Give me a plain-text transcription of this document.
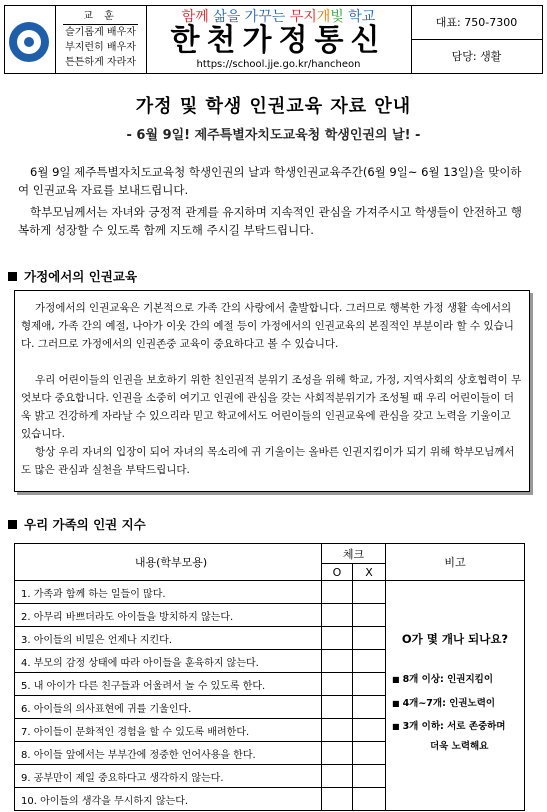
교 훈
슬기롭게 배우자
부지런히 배우자
튼튼하게 자라자
함께 삶을 가꾸는 무지개빛 학교
한천가정통신
https://school.jje.go.kr/hancheon
대표: 750-7300
담당: 생활
가정 및 학생 인권교육 자료 안내
- 6월 9일! 제주특별자치도교육청 학생인권의 날! -
6월 9일 제주특별자치도교육청 학생인권의 날과 학생인권교육주간(6월 9일~ 6월 13일)을 맞이하여 인권교육 자료를 보내드립니다.
학부모님께서는 자녀와 긍정적 관계를 유지하며 지속적인 관심을 가져주시고 학생들이 안전하고 행복하게 성장할 수 있도록 함께 지도해 주시길 부탁드립니다.
가정에서의 인권교육
가정에서의 인권교육은 기본적으로 가족 간의 사랑에서 출발합니다. 그러므로 행복한 가정 생활 속에서의 형제애, 가족 간의 예절, 나아가 이웃 간의 예절 등이 가정에서의 인권교육의 본질적인 부분이라 할 수 있습니다. 그러므로 가정에서의 인권존중 교육이 중요하다고 볼 수 있습니다.
우리 어린이들의 인권을 보호하기 위한 친인권적 분위기 조성을 위해 학교, 가정, 지역사회의 상호협력이 무엇보다 중요합니다. 인권을 소중히 여기고 인권에 관심을 갖는 사회적분위기가 조성될 때 우리 어린이들이 더욱 밝고 건강하게 자라날 수 있으리라 믿고 학교에서도 어린이들의 인권교육에 관심을 갖고 노력을 기울이고 있습니다.
항상 우리 자녀의 입장이 되어 자녀의 목소리에 귀 기울이는 올바른 인권지킴이가 되기 위해 학부모님께서도 많은 관심과 실천을 부탁드립니다.
우리 가족의 인권 지수
내용(학부모용)	체크		비고
	O	X	
1. 가족과 함께 하는 일들이 많다.			O가 몇 개나 되나요?
■ 8개 이상: 인권지킴이
■ 4개~7개: 인권노력이
■ 3개 이하: 서로 존중하며
더욱 노력해요

2. 아무리 바쁘더라도 아이들을 방치하지 않는다.			
3. 아이들의 비밀은 언제나 지킨다.			
4. 부모의 감정 상태에 따라 아이들을 훈육하지 않는다.			
5. 내 아이가 다른 친구들과 어울려서 놀 수 있도록 한다.			
6. 아이들의 의사표현에 귀를 기울인다.			
7. 아이들이 문화적인 경험을 할 수 있도록 배려한다.			
8. 아이들 앞에서는 부부간에 정중한 언어사용을 한다.			
9. 공부만이 제일 중요하다고 생각하지 않는다.			
10. 아이들의 생각을 무시하지 않는다.			
